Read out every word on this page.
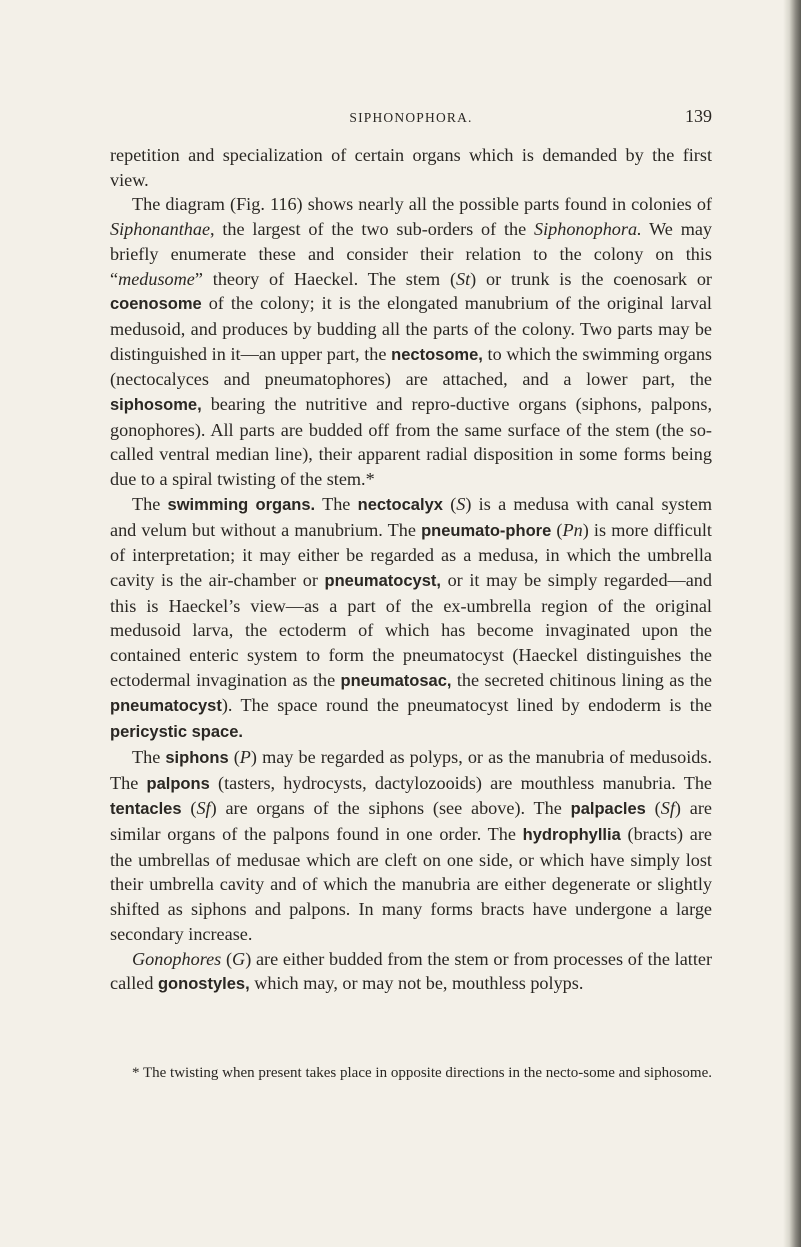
SIPHONOPHORA.	139

repetition and specialization of certain organs which is demanded by the first view.

The diagram (Fig. 116) shows nearly all the possible parts found in colonies of Siphonanthae, the largest of the two sub-orders of the Siphonophora. We may briefly enumerate these and consider their relation to the colony on this “medusome” theory of Haeckel. The stem (St) or trunk is the coenosark or coenosome of the colony; it is the elongated manubrium of the original larval medusoid, and produces by budding all the parts of the colony. Two parts may be distinguished in it—an upper part, the nectosome, to which the swimming organs (nectocalyces and pneumatophores) are attached, and a lower part, the siphosome, bearing the nutritive and repro-ductive organs (siphons, palpons, gonophores). All parts are budded off from the same surface of the stem (the so-called ventral median line), their apparent radial disposition in some forms being due to a spiral twisting of the stem.*

The swimming organs. The nectocalyx (S) is a medusa with canal system and velum but without a manubrium. The pneumato-phore (Pn) is more difficult of interpretation; it may either be regarded as a medusa, in which the umbrella cavity is the air-chamber or pneumatocyst, or it may be simply regarded—and this is Haeckel’s view—as a part of the ex-umbrella region of the original medusoid larva, the ectoderm of which has become invaginated upon the contained enteric system to form the pneumatocyst (Haeckel distinguishes the ectodermal invagination as the pneumatosac, the secreted chitinous lining as the pneumatocyst). The space round the pneumatocyst lined by endoderm is the pericystic space.

The siphons (P) may be regarded as polyps, or as the manubria of medusoids. The palpons (tasters, hydrocysts, dactylozooids) are mouthless manubria. The tentacles (Sf) are organs of the siphons (see above). The palpacles (Sf) are similar organs of the palpons found in one order. The hydrophyllia (bracts) are the umbrellas of medusae which are cleft on one side, or which have simply lost their umbrella cavity and of which the manubria are either degenerate or slightly shifted as siphons and palpons. In many forms bracts have undergone a large secondary increase.

Gonophores (G) are either budded from the stem or from processes of the latter called gonostyles, which may, or may not be, mouthless polyps.

* The twisting when present takes place in opposite directions in the necto-some and siphosome.
